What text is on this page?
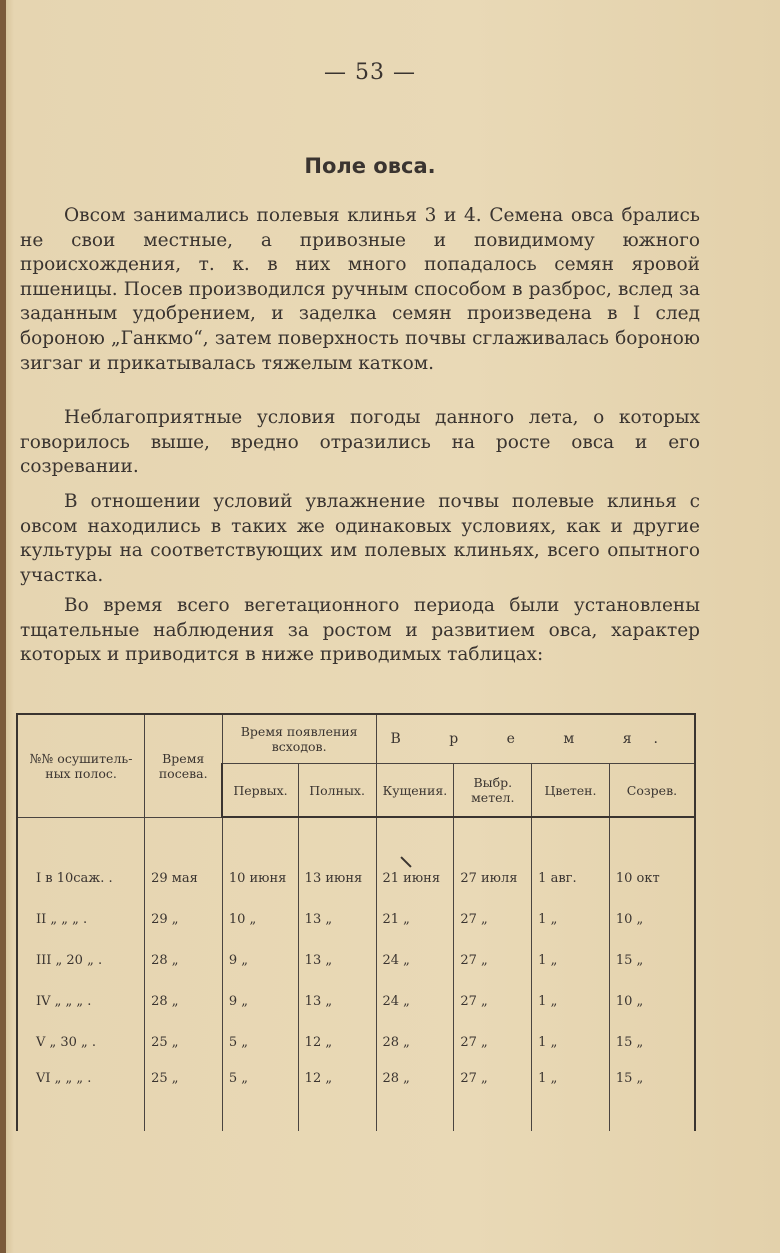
— 53 —
Поле овса.
Овсом занимались полевыя клинья 3 и 4. Семена овса брались не свои местные, а привозные и повидимому южного происхождения, т. к. в них много попадалось семян яровой пшеницы. Посев производился ручным способом в разброс, вслед за заданным удобрением, и заделка семян произведена в I след бороною „Ганкмо“, затем поверхность почвы сглаживалась бороною зигзаг и прикатывалась тяжелым катком.
Неблагоприятные условия погоды данного лета, о которых говорилось выше, вредно отразились на росте овса и его созревании.
В отношении условий увлажнение почвы полевые клинья с овсом находились в таких же одинаковых условиях, как и другие культуры на соответствующих им полевых клиньях, всего опытного участка.
Во время всего вегетационного периода были установлены тщательные наблюдения за ростом и развитием овса, характер которых и приводится в ниже приводимых таблицах:
№№ осушитель-ных полос.	Время посева.	Время появления всходов.		В р е м я.			
		Первых.	Полных.	Кущения.	Выбр. метел.	Цветен.	Созрев.

I в 10саж. .	29 мая	10 июня	13 июня	21 июня	27 июля	1 авг.	10 окт
II „ „ „ .	29 „	10 „	13 „	21 „	27 „	1 „	10 „
III „ 20 „ .	28 „	9 „	13 „	24 „	27 „	1 „	15 „
IV „ „ „ .	28 „	9 „	13 „	24 „	27 „	1 „	10 „
V „ 30 „ .	25 „	5 „	12 „	28 „	27 „	1 „	15 „
VI „ „ „ .	25 „	5 „	12 „	28 „	27 „	1 „	15 „
